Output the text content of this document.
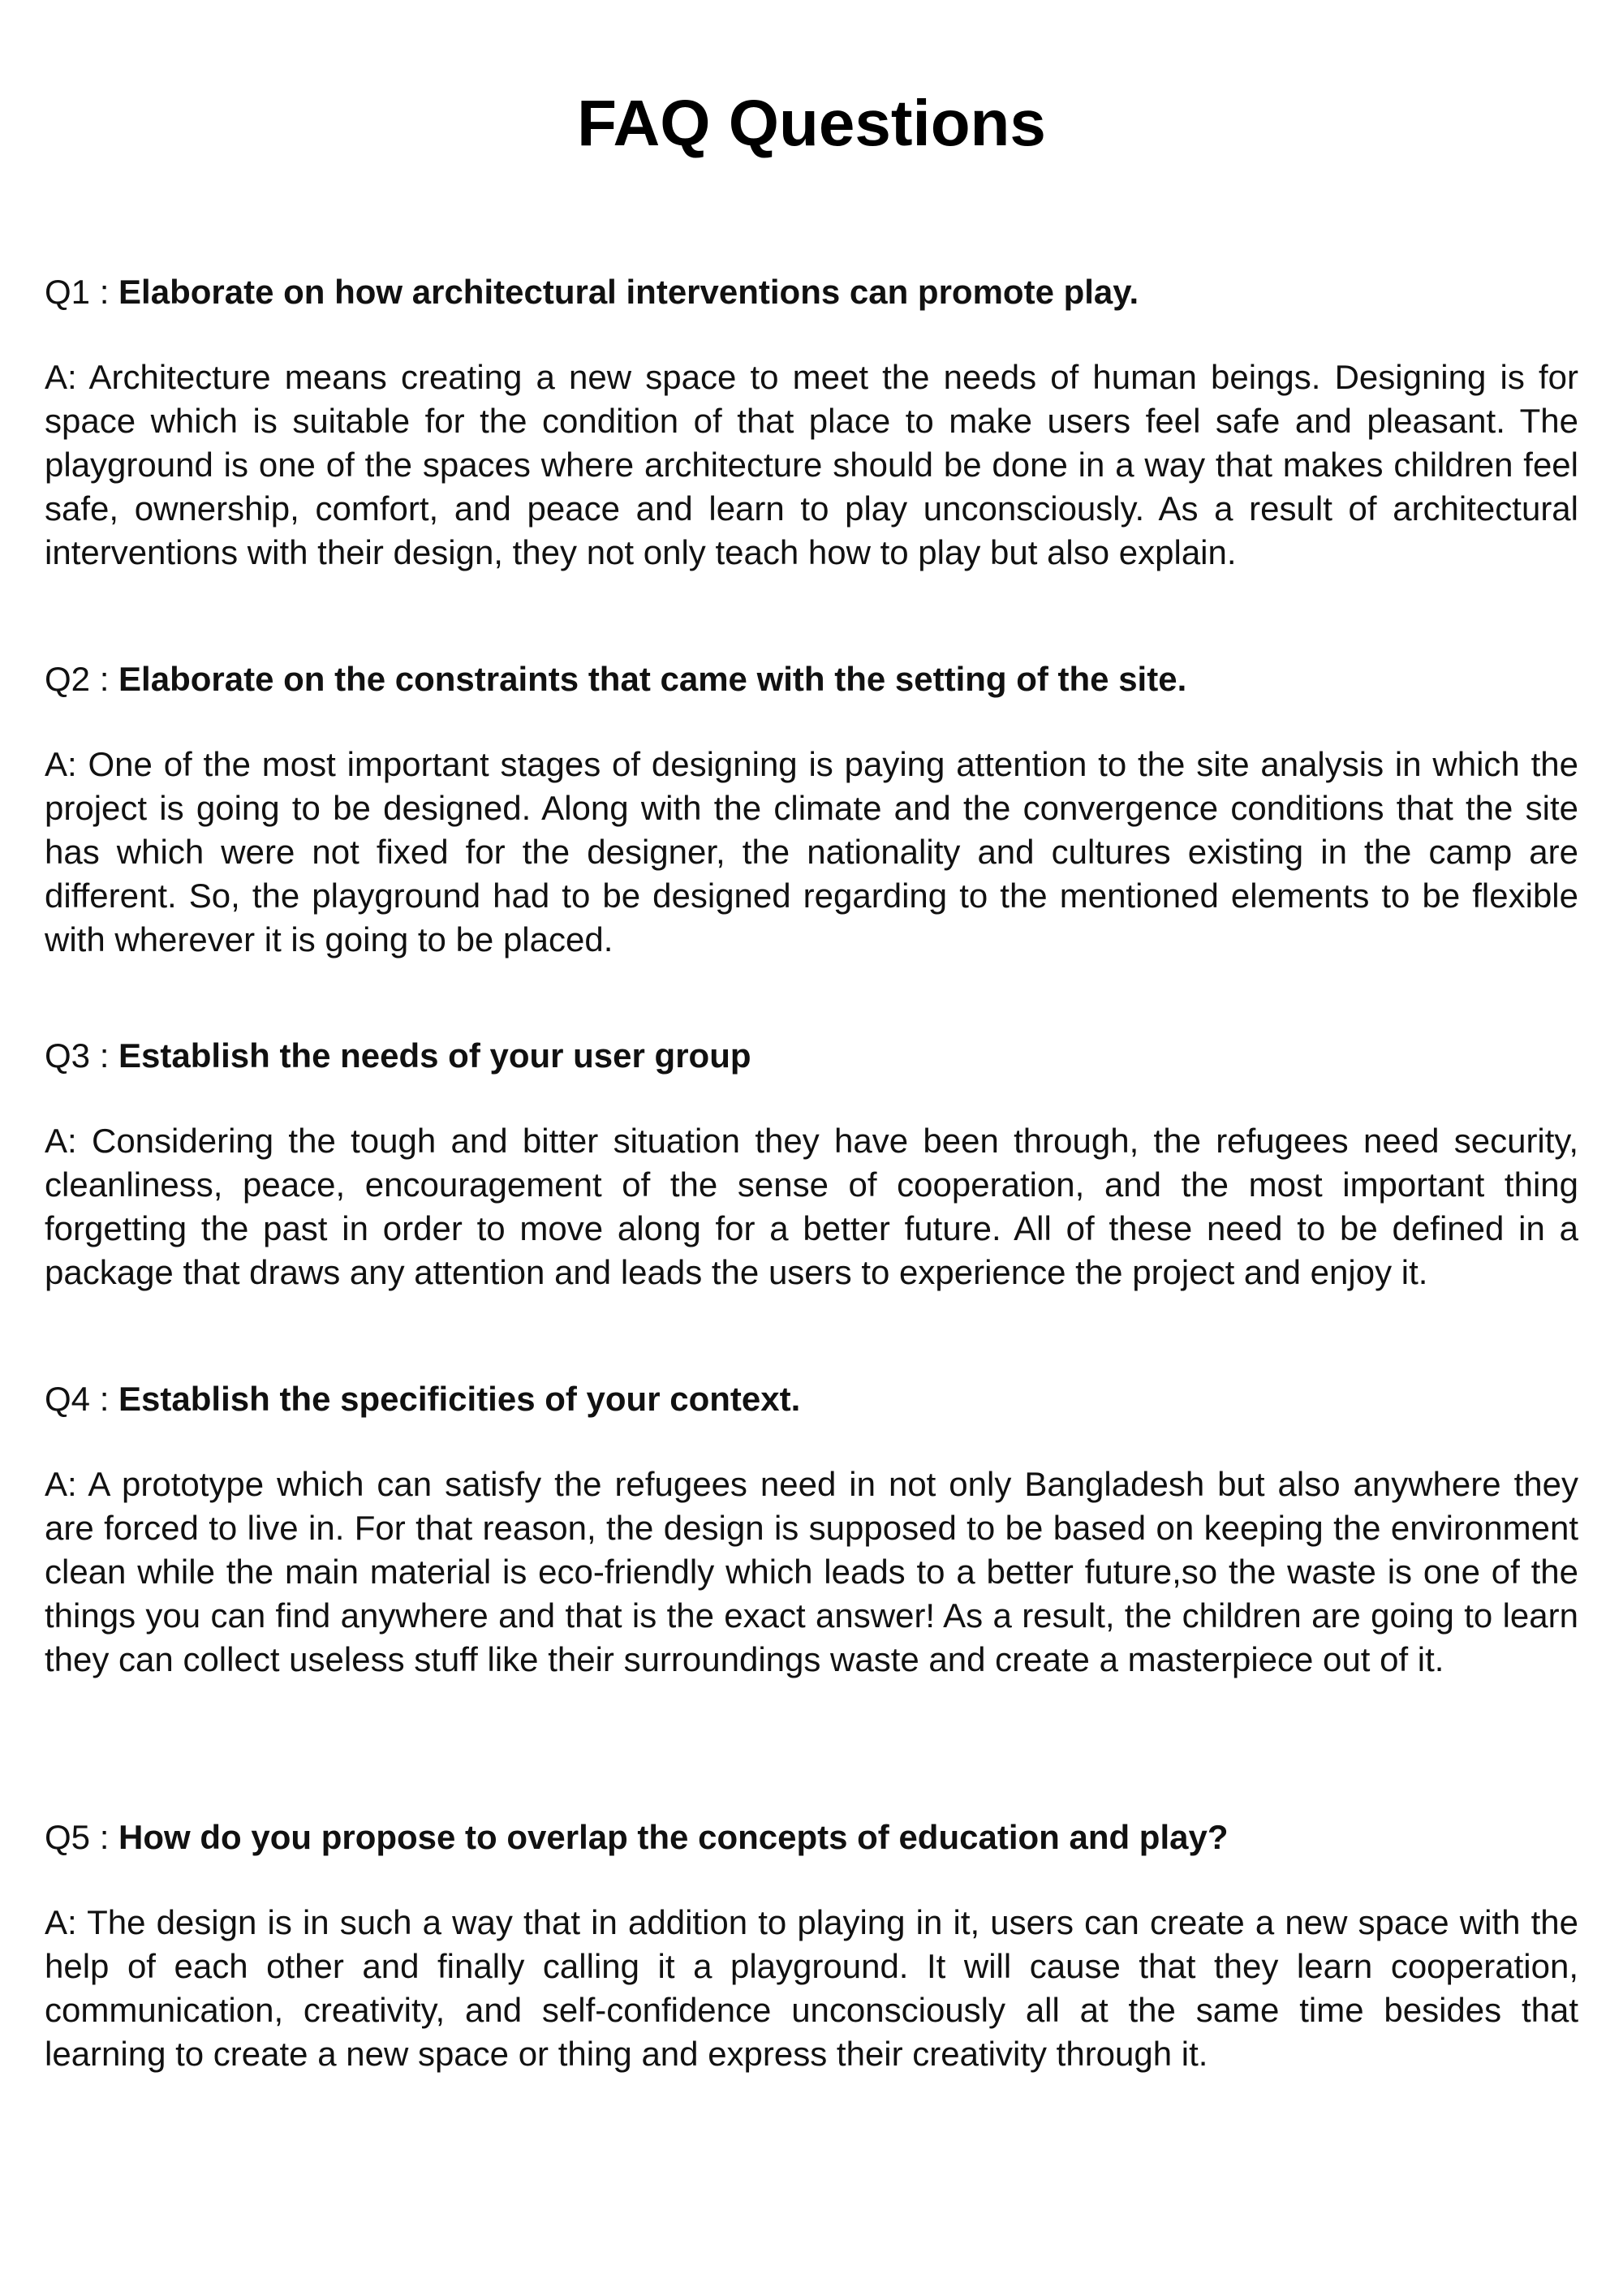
FAQ Questions

Q1 : Elaborate on how architectural interventions can promote play.

A: Architecture means creating a new space to meet the needs of human beings. Designing is for space which is suitable for the condition of that place to make users feel safe and pleasant. The playground is one of the spaces where architecture should be done in a way that makes children feel safe, ownership, comfort, and peace and learn to play unconsciously. As a result of architectural interventions with their design, they not only teach how to play but also explain.

Q2 : Elaborate on the constraints that came with the setting of the site.

A: One of the most important stages of designing is paying attention to the site analysis in which the project is going to be designed. Along with the climate and the convergence conditions that the site has which were not fixed for the designer, the nationality and cultures existing in the camp are different. So, the playground had to be designed regarding to the mentioned elements to be flexible with wherever it is going to be placed.

Q3 : Establish the needs of your user group

A: Considering the tough and bitter situation they have been through, the refugees need security, cleanliness, peace, encouragement of the sense of cooperation, and the most important thing forgetting the past in order to move along for a better future. All of these need to be defined in a package that draws any attention and leads the users to experience the project and enjoy it.

Q4 : Establish the specificities of your context.

A: A prototype which can satisfy the refugees need in not only Bangladesh but also anywhere they are forced to live in. For that reason, the design is supposed to be based on keeping the environment clean while the main material is eco-friendly which leads to a better future,so the waste is one of the things you can find anywhere and that is the exact answer! As a result, the children are going to learn they can collect useless stuff like their surroundings waste and create a masterpiece out of it.

Q5 : How do you propose to overlap the concepts of education and play?

A: The design is in such a way that in addition to playing in it, users can create a new space with the help of each other and finally calling it a playground. It will cause that they learn cooperation, communication, creativity, and self-confidence unconsciously all at the same time besides that learning to create a new space or thing and express their creativity through it.
